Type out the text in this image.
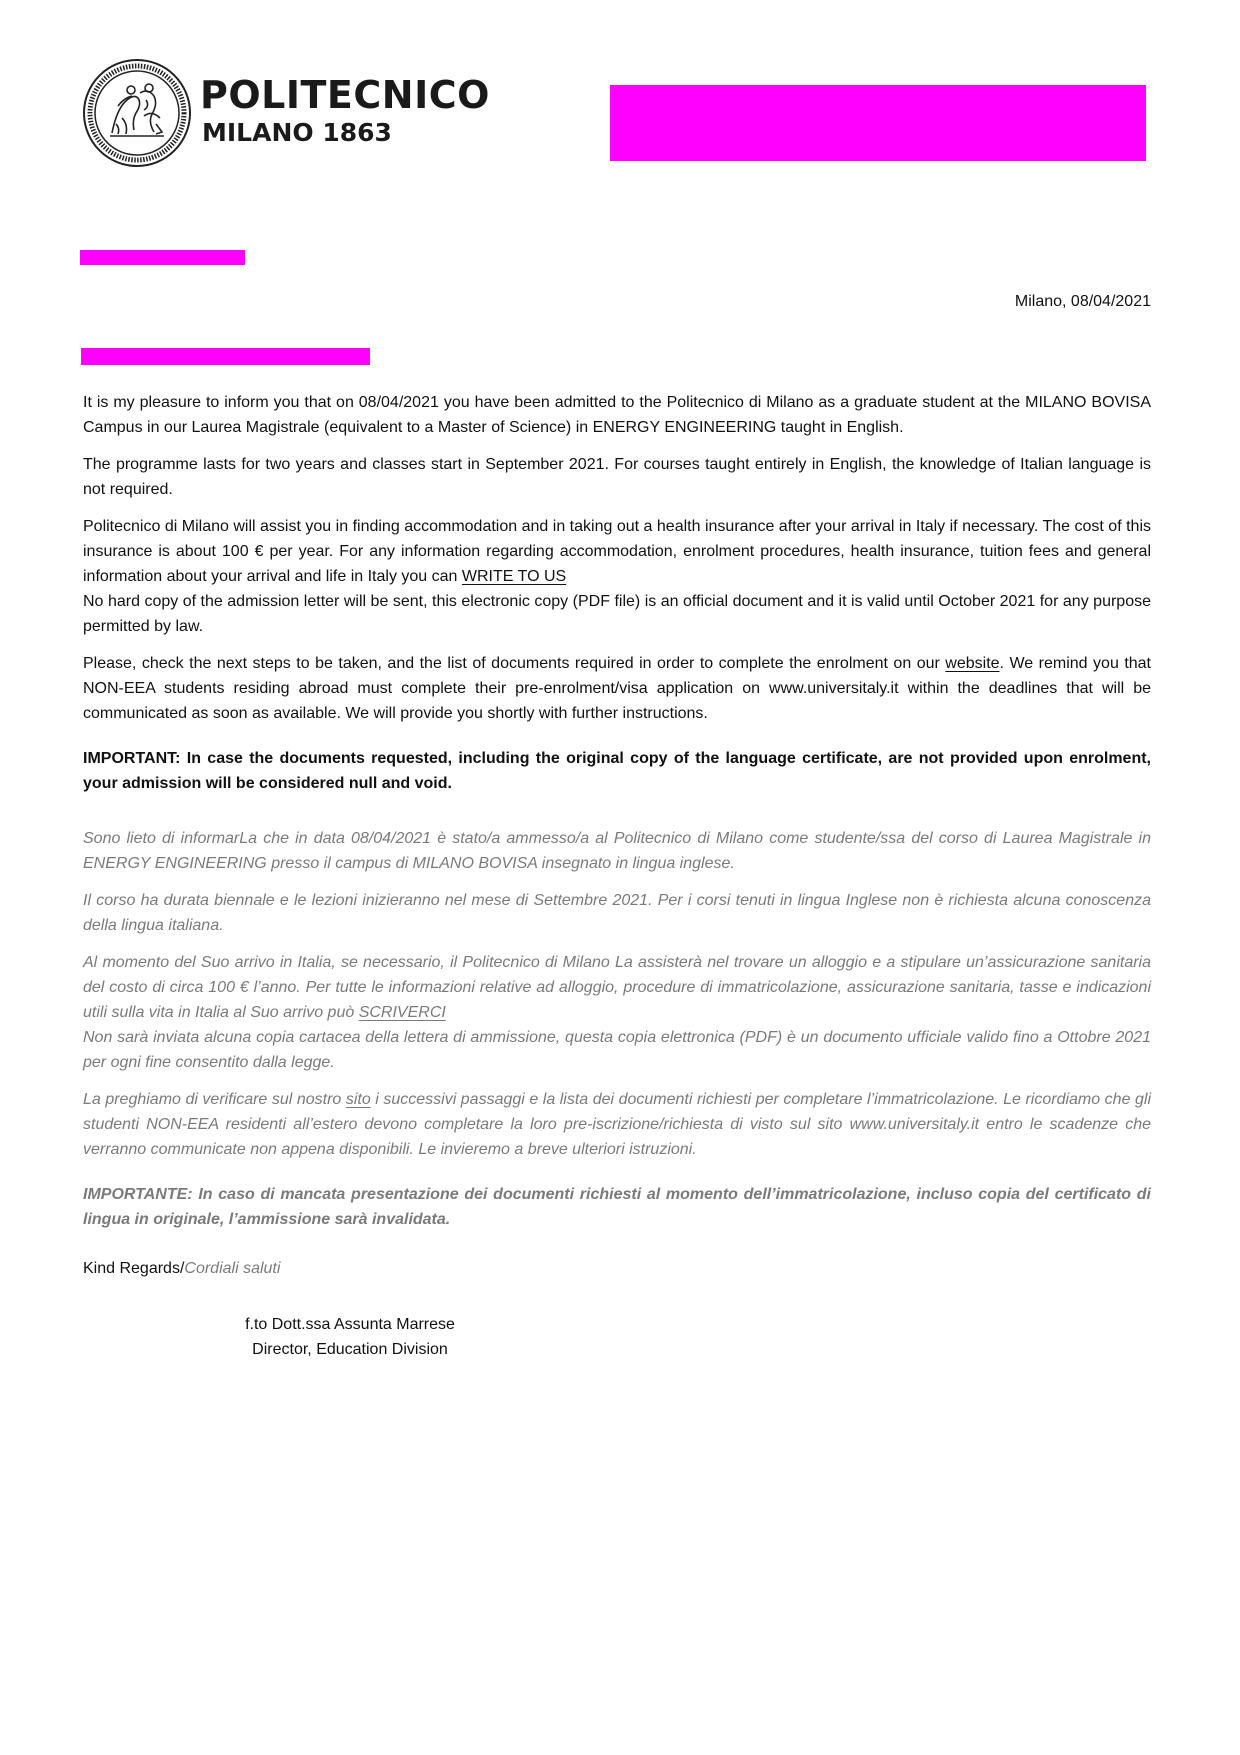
POLITECNICO
MILANO 1863
Milano, 08/04/2021

It is my pleasure to inform you that on 08/04/2021 you have been admitted to the Politecnico di Milano as a graduate student at the MILANO BOVISA Campus in our Laurea Magistrale (equivalent to a Master of Science) in ENERGY ENGINEERING taught in English.

The programme lasts for two years and classes start in September 2021. For courses taught entirely in English, the knowledge of Italian language is not required.

Politecnico di Milano will assist you in finding accommodation and in taking out a health insurance after your arrival in Italy if necessary. The cost of this insurance is about 100 € per year. For any information regarding accommodation, enrolment procedures, health insurance, tuition fees and general information about your arrival and life in Italy you can WRITE TO US

No hard copy of the admission letter will be sent, this electronic copy (PDF file) is an official document and it is valid until October 2021 for any purpose permitted by law.

Please, check the next steps to be taken, and the list of documents required in order to complete the enrolment on our website. We remind you that NON-EEA students residing abroad must complete their pre-enrolment/visa application on www.universitaly.it within the deadlines that will be communicated as soon as available. We will provide you shortly with further instructions.

IMPORTANT: In case the documents requested, including the original copy of the language certificate, are not provided upon enrolment, your admission will be considered null and void.

Sono lieto di informarLa che in data 08/04/2021 è stato/a ammesso/a al Politecnico di Milano come studente/ssa del corso di Laurea Magistrale in ENERGY ENGINEERING presso il campus di MILANO BOVISA insegnato in lingua inglese.

Il corso ha durata biennale e le lezioni inizieranno nel mese di Settembre 2021. Per i corsi tenuti in lingua Inglese non è richiesta alcuna conoscenza della lingua italiana.

Al momento del Suo arrivo in Italia, se necessario, il Politecnico di Milano La assisterà nel trovare un alloggio e a stipulare un’assicurazione sanitaria del costo di circa 100 € l’anno. Per tutte le informazioni relative ad alloggio, procedure di immatricolazione, assicurazione sanitaria, tasse e indicazioni utili sulla vita in Italia al Suo arrivo può SCRIVERCI

Non sarà inviata alcuna copia cartacea della lettera di ammissione, questa copia elettronica (PDF) è un documento ufficiale valido fino a Ottobre 2021 per ogni fine consentito dalla legge.

La preghiamo di verificare sul nostro sito i successivi passaggi e la lista dei documenti richiesti per completare l’immatricolazione. Le ricordiamo che gli studenti NON-EEA residenti all’estero devono completare la loro pre-iscrizione/richiesta di visto sul sito www.universitaly.it entro le scadenze che verranno communicate non appena disponibili. Le invieremo a breve ulteriori istruzioni.

IMPORTANTE: In caso di mancata presentazione dei documenti richiesti al momento dell’immatricolazione, incluso copia del certificato di lingua in originale, l’ammissione sarà invalidata.

Kind Regards/Cordiali saluti

f.to Dott.ssa Assunta Marrese
Director, Education Division
